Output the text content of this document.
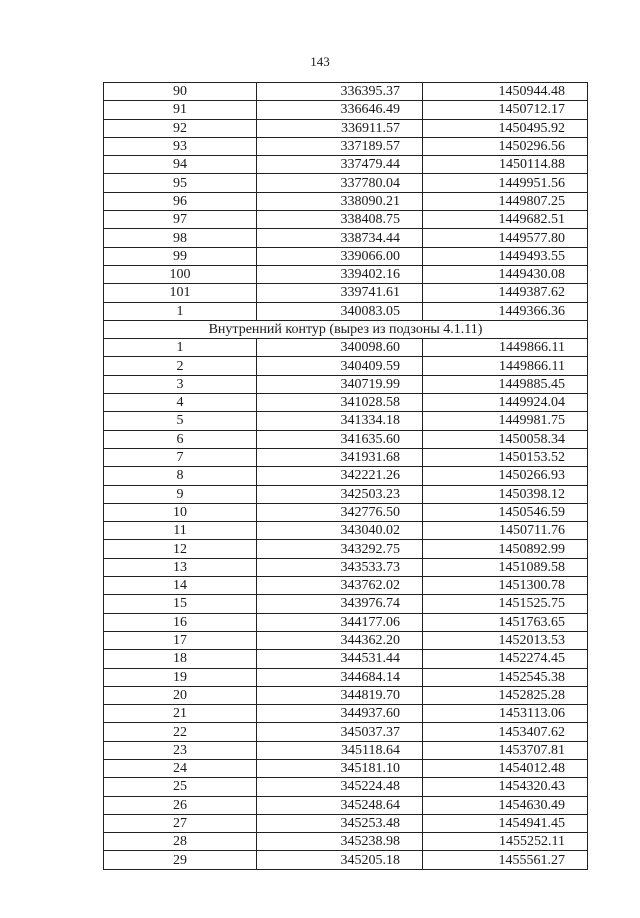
143
90	336395.37	1450944.48
91	336646.49	1450712.17
92	336911.57	1450495.92
93	337189.57	1450296.56
94	337479.44	1450114.88
95	337780.04	1449951.56
96	338090.21	1449807.25
97	338408.75	1449682.51
98	338734.44	1449577.80
99	339066.00	1449493.55
100	339402.16	1449430.08
101	339741.61	1449387.62
1	340083.05	1449366.36
Внутренний контур (вырез из подзоны 4.1.11)		
1	340098.60	1449866.11
2	340409.59	1449866.11
3	340719.99	1449885.45
4	341028.58	1449924.04
5	341334.18	1449981.75
6	341635.60	1450058.34
7	341931.68	1450153.52
8	342221.26	1450266.93
9	342503.23	1450398.12
10	342776.50	1450546.59
11	343040.02	1450711.76
12	343292.75	1450892.99
13	343533.73	1451089.58
14	343762.02	1451300.78
15	343976.74	1451525.75
16	344177.06	1451763.65
17	344362.20	1452013.53
18	344531.44	1452274.45
19	344684.14	1452545.38
20	344819.70	1452825.28
21	344937.60	1453113.06
22	345037.37	1453407.62
23	345118.64	1453707.81
24	345181.10	1454012.48
25	345224.48	1454320.43
26	345248.64	1454630.49
27	345253.48	1454941.45
28	345238.98	1455252.11
29	345205.18	1455561.27
